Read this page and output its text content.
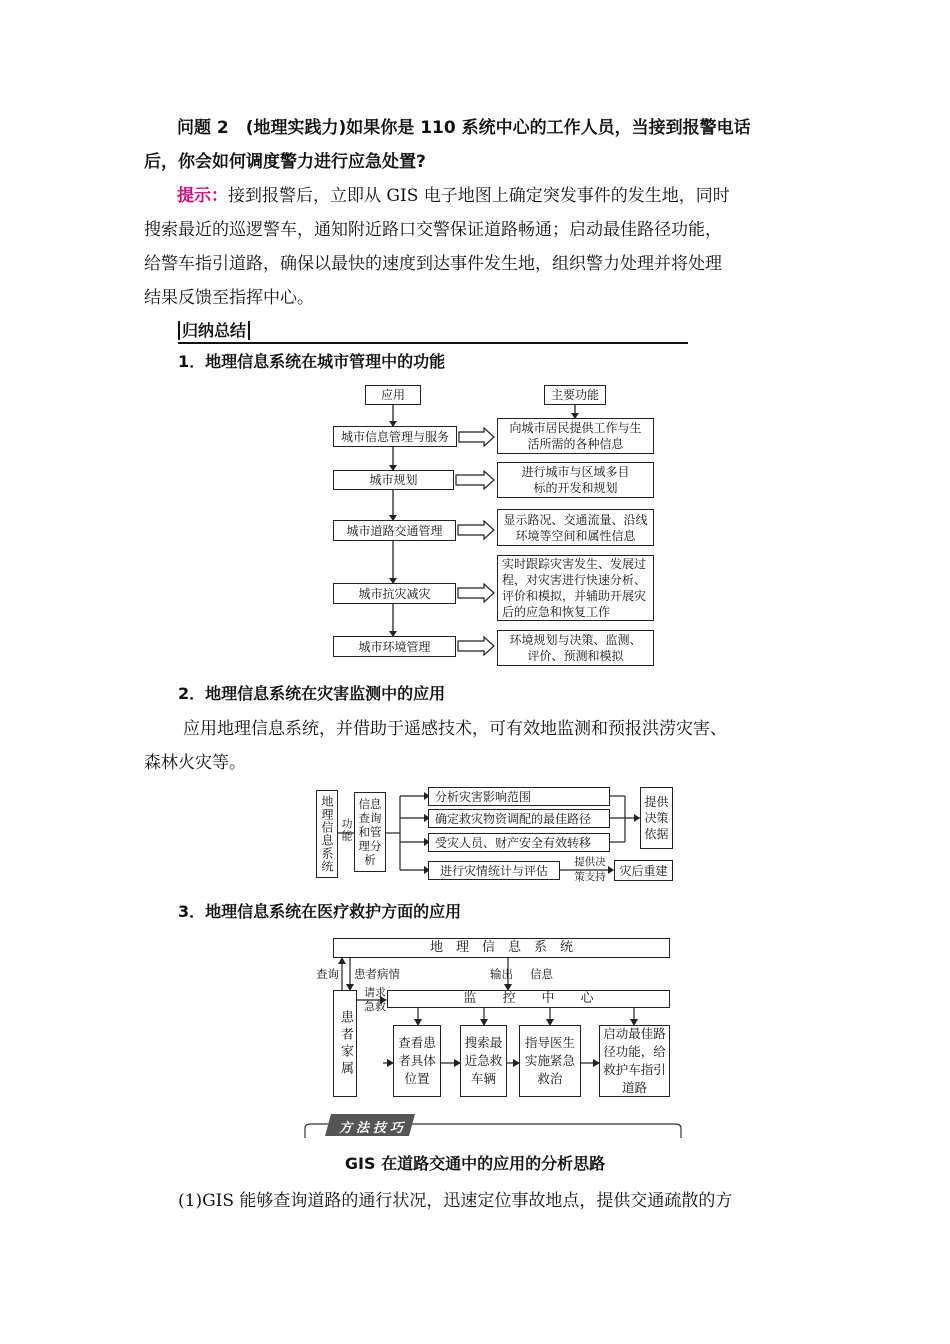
问题 2　(地理实践力)如果你是 110 系统中心的工作人员，当接到报警电话
后，你会如何调度警力进行应急处置?
提示：接到报警后，立即从 GIS 电子地图上确定突发事件的发生地，同时
搜索最近的巡逻警车，通知附近路口交警保证道路畅通；启动最佳路径功能，
给警车指引道路，确保以最快的速度到达事件发生地，组织警力处理并将处理
结果反馈至指挥中心。
归纳总结
1．地理信息系统在城市管理中的功能
应用	主要功能
城市信息管理与服务
向城市居民提供工作与生活所需的各种信息
城市规划
进行城市与区域多目标的开发和规划
城市道路交通管理
显示路况、交通流量、沿线环境等空间和属性信息
城市抗灾减灾
实时跟踪灾害发生、发展过程，对灾害进行快速分析、评价和模拟，并辅助开展灾后的应急和恢复工作
城市环境管理	环境规划与决策、监测、评价、预测和模拟
2．地理信息系统在灾害监测中的应用
应用地理信息系统，并借助于遥感技术，可有效地监测和预报洪涝灾害、
森林火灾等。
地理信息系统 功能
信息查询和管理分析
分析灾害影响范围
确定救灾物资调配的最佳路径
受灾人员、财产安全有效转移
提供决策依据
进行灾情统计与评估
提供决策支持	灾后重建
3．地理信息系统在医疗救护方面的应用
地　理　信　息　系　统
查询 患者病情	输出 信息
请求急救
监　　控　　中　　心
患者家属	查看患者具体位置
搜索最近急救车辆
指导医生实施紧急救治
启动最佳路径功能，给救护车指引道路
方法技巧
GIS 在道路交通中的应用的分析思路
(1)GIS 能够查询道路的通行状况，迅速定位事故地点，提供交通疏散的方
